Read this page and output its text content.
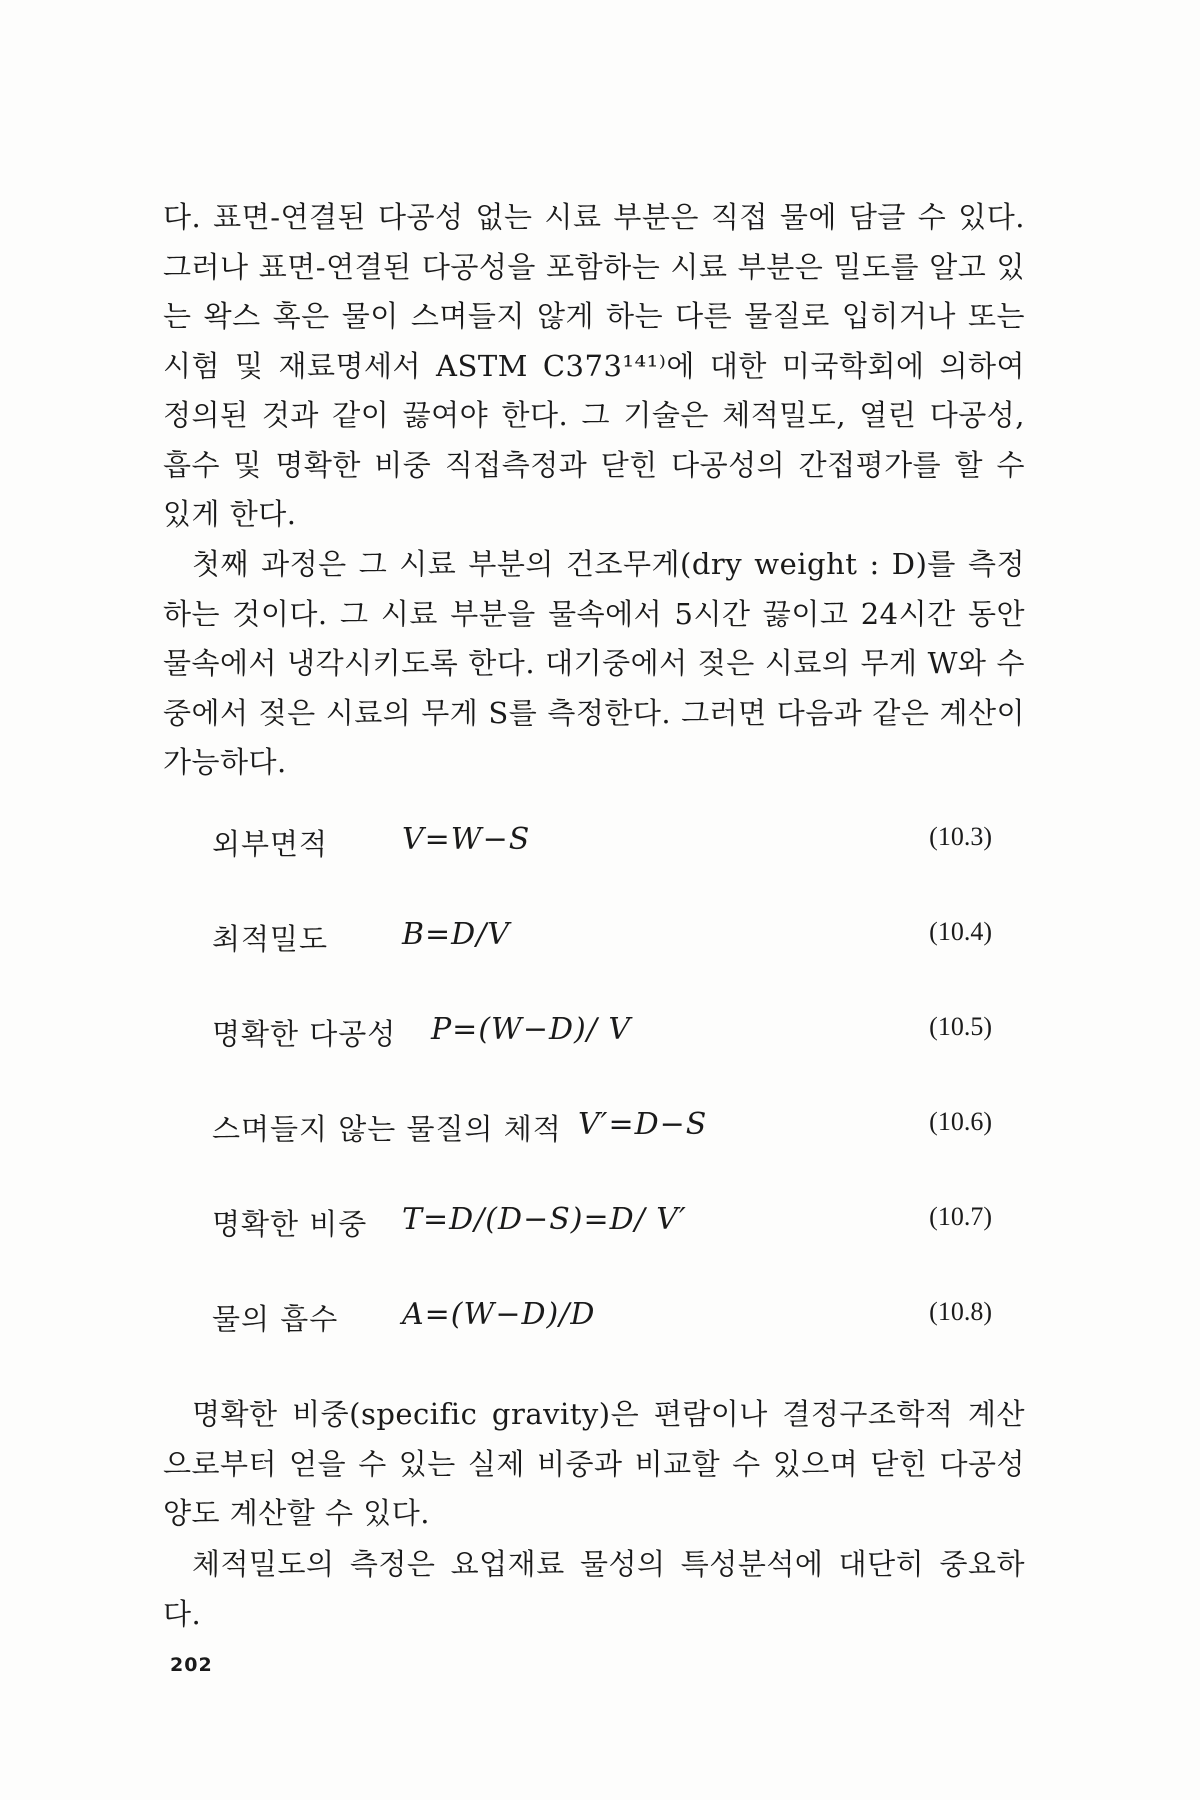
다. 표면-연결된 다공성 없는 시료 부분은 직접 물에 담글 수 있다. 그러나 표면-연결된 다공성을 포함하는 시료 부분은 밀도를 알고 있는 왁스 혹은 물이 스며들지 않게 하는 다른 물질로 입히거나 또는 시험 및 재료명세서 ASTM C373¹⁴¹⁾에 대한 미국학회에 의하여 정의된 것과 같이 끓여야 한다. 그 기술은 체적밀도, 열린 다공성, 흡수 및 명확한 비중 직접측정과 닫힌 다공성의 간접평가를 할 수 있게 한다.

첫째 과정은 그 시료 부분의 건조무게(dry weight : D)를 측정하는 것이다. 그 시료 부분을 물속에서 5시간 끓이고 24시간 동안 물속에서 냉각시키도록 한다. 대기중에서 젖은 시료의 무게 W와 수중에서 젖은 시료의 무게 S를 측정한다. 그러면 다음과 같은 계산이 가능하다.

외부면적 V=W−S	(10.3)
최적밀도 B=D/V	(10.4)
명확한 다공성 P=(W−D)/ V	(10.5)
스며들지 않는 물질의 체적 V′=D−S	(10.6)
명확한 비중 T=D/(D−S)=D/ V′	(10.7)
물의 흡수 A=(W−D)/D	(10.8)

명확한 비중(specific gravity)은 편람이나 결정구조학적 계산으로부터 얻을 수 있는 실제 비중과 비교할 수 있으며 닫힌 다공성 양도 계산할 수 있다.

체적밀도의 측정은 요업재료 물성의 특성분석에 대단히 중요하다.

202
